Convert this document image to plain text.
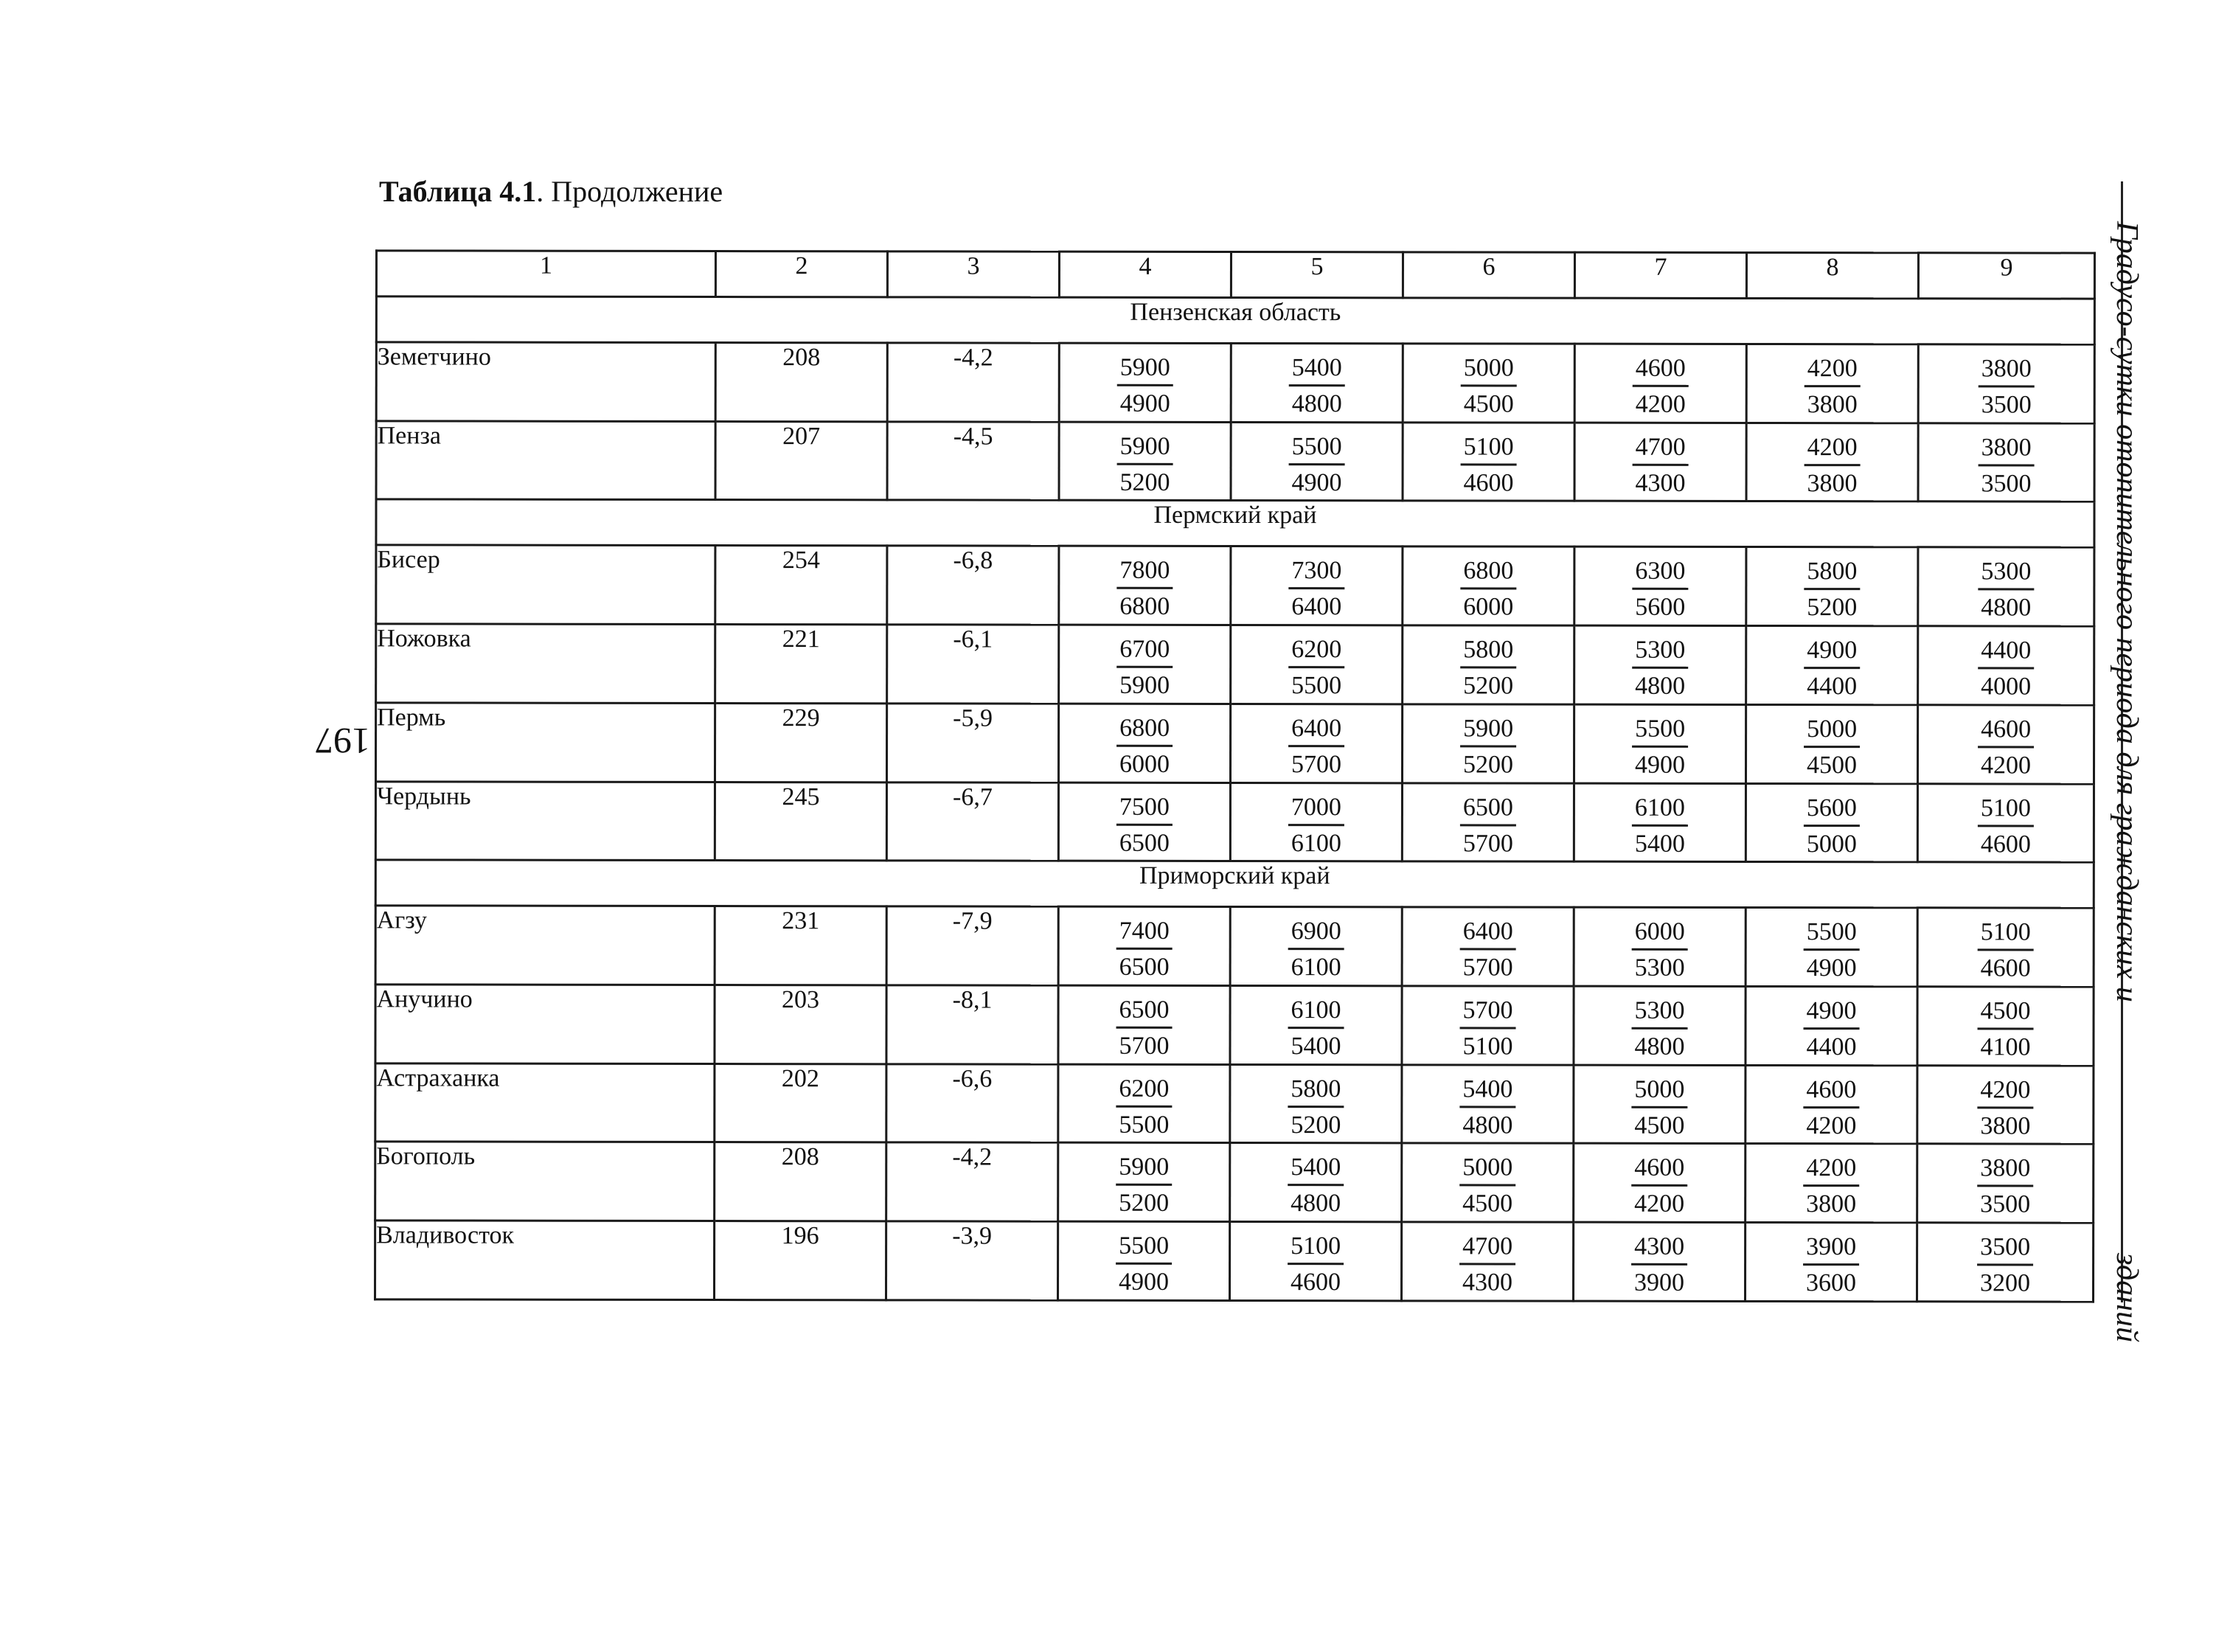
Таблица 4.1. Продолжение
197	Градусо-сутки отопительного периода для гражданских и
зданий
1	2	3	4	5	6	7	8	9
Пензенская область								
Земетчино	208	-4,2	$\frac{5900}{4900}$	$\frac{5400}{4800}$	$\frac{5000}{4500}$	$\frac{4600}{4200}$	$\frac{4200}{3800}$	$\frac{3800}{3500}$

Пенза	207	-4,5	$\frac{5900}{5200}$	$\frac{5500}{4900}$	$\frac{5100}{4600}$	$\frac{4700}{4300}$	$\frac{4200}{3800}$	$\frac{3800}{3500}$

Пермский край								
Бисер	254	-6,8	$\frac{7800}{6800}$	$\frac{7300}{6400}$	$\frac{6800}{6000}$	$\frac{6300}{5600}$	$\frac{5800}{5200}$	$\frac{5300}{4800}$

Ножовка	221	-6,1	$\frac{6700}{5900}$	$\frac{6200}{5500}$	$\frac{5800}{5200}$	$\frac{5300}{4800}$	$\frac{4900}{4400}$	$\frac{4400}{4000}$

Пермь	229	-5,9	$\frac{6800}{6000}$	$\frac{6400}{5700}$	$\frac{5900}{5200}$	$\frac{5500}{4900}$	$\frac{5000}{4500}$	$\frac{4600}{4200}$

Чердынь	245	-6,7	$\frac{7500}{6500}$	$\frac{7000}{6100}$	$\frac{6500}{5700}$	$\frac{6100}{5400}$	$\frac{5600}{5000}$	$\frac{5100}{4600}$

Приморский край								
Агзу	231	-7,9	$\frac{7400}{6500}$	$\frac{6900}{6100}$	$\frac{6400}{5700}$	$\frac{6000}{5300}$	$\frac{5500}{4900}$	$\frac{5100}{4600}$

Анучино	203	-8,1	$\frac{6500}{5700}$	$\frac{6100}{5400}$	$\frac{5700}{5100}$	$\frac{5300}{4800}$	$\frac{4900}{4400}$	$\frac{4500}{4100}$

Астраханка	202	-6,6	$\frac{6200}{5500}$	$\frac{5800}{5200}$	$\frac{5400}{4800}$	$\frac{5000}{4500}$	$\frac{4600}{4200}$	$\frac{4200}{3800}$

Богополь	208	-4,2	$\frac{5900}{5200}$	$\frac{5400}{4800}$	$\frac{5000}{4500}$	$\frac{4600}{4200}$	$\frac{4200}{3800}$	$\frac{3800}{3500}$

Владивосток	196	-3,9	$\frac{5500}{4900}$	$\frac{5100}{4600}$	$\frac{4700}{4300}$	$\frac{4300}{3900}$	$\frac{3900}{3600}$	$\frac{3500}{3200}$
